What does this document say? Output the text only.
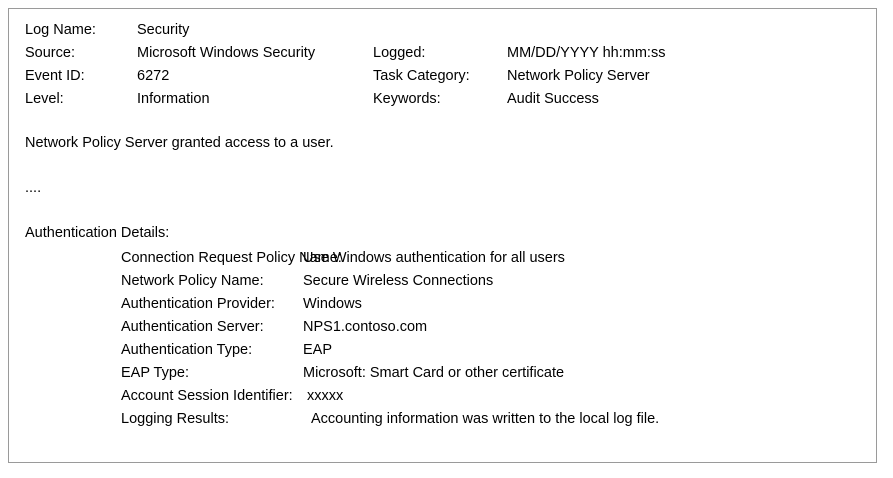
Log Name:	Security
Source:	Microsoft Windows Security	Logged:	MM/DD/YYYY hh:mm:ss
Event ID:	6272	Task Category:	Network Policy Server
Level:	Information	Keywords:	Audit Success
Network Policy Server granted access to a user.
....
Authentication Details:
Connection Request Policy Name:
Use Windows authentication for all users
Network Policy Name:	Secure Wireless Connections
Authentication Provider:	Windows
Authentication Server:	NPS1.contoso.com
Authentication Type:	EAP
EAP Type:	Microsoft: Smart Card or other certificate
Account Session Identifier: xxxxx
Logging Results:	Accounting information was written to the local log file.
